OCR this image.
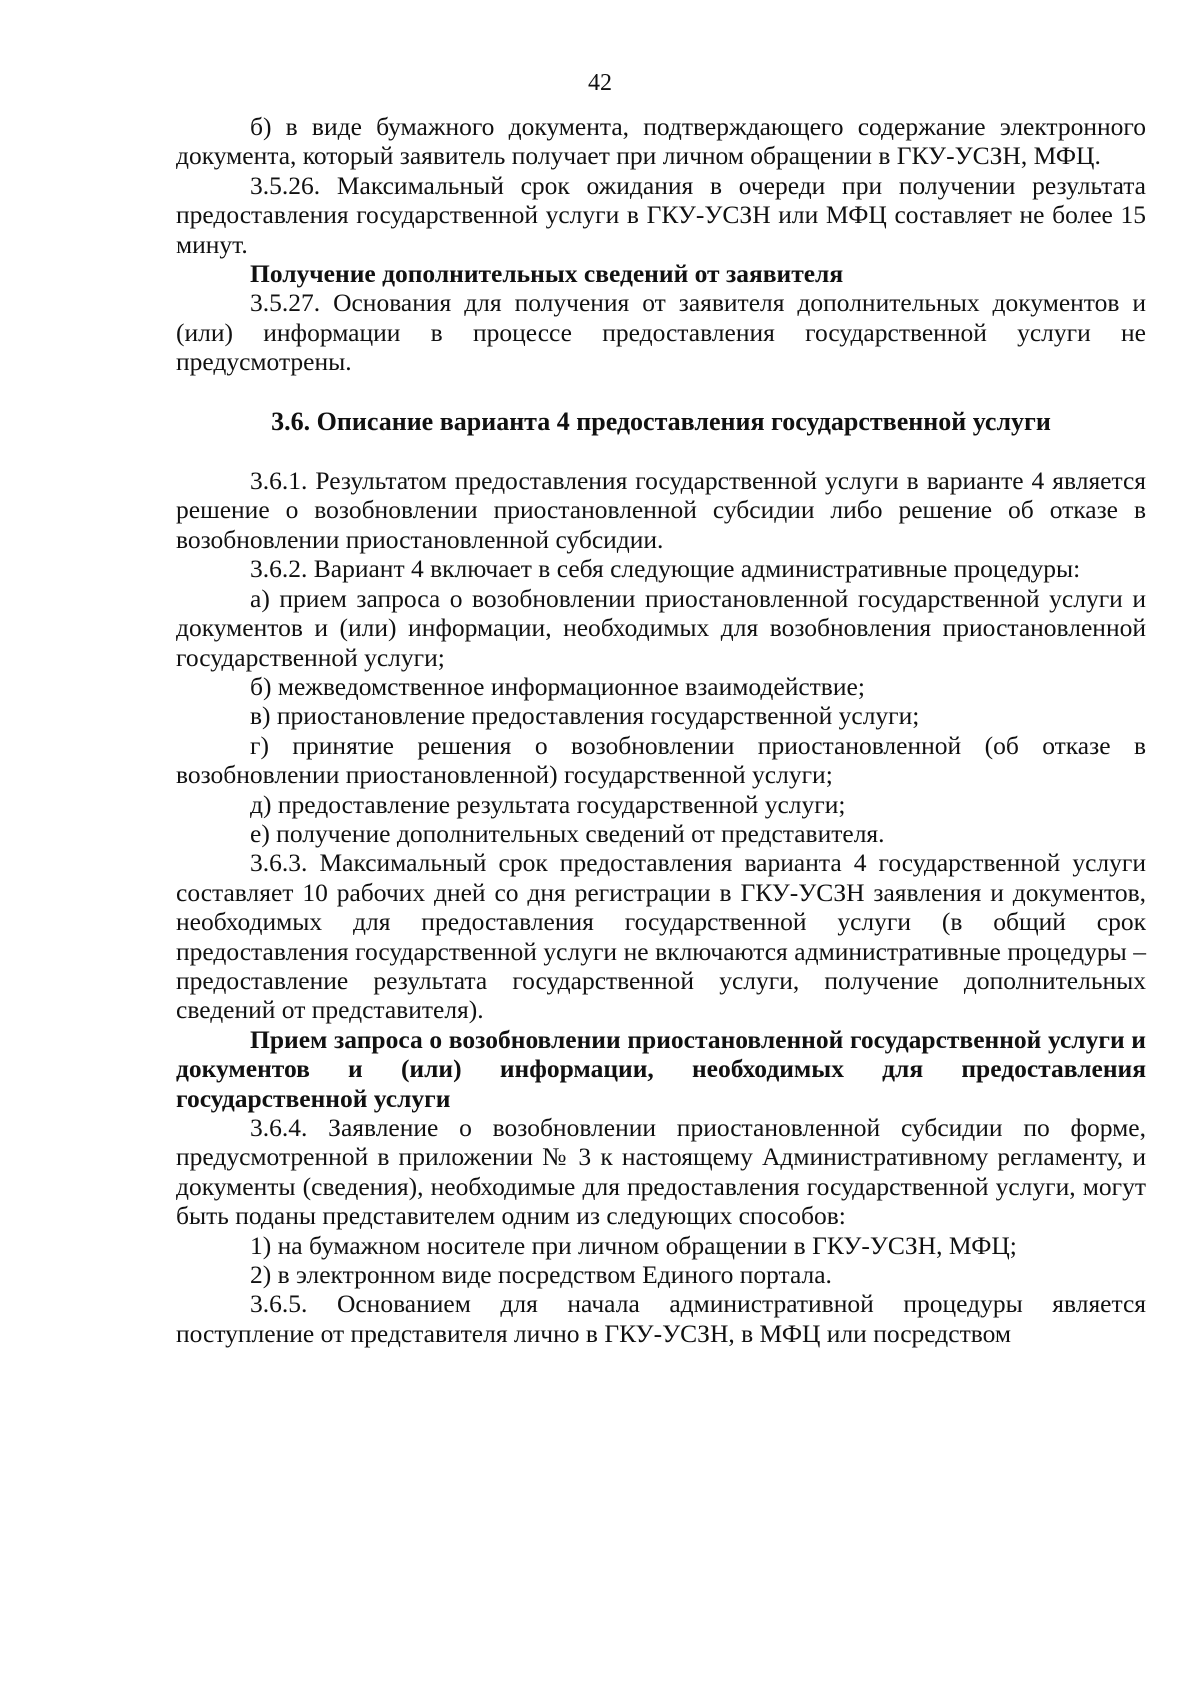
42

б) в виде бумажного документа, подтверждающего содержание электронного документа, который заявитель получает при личном обращении в ГКУ-УСЗН, МФЦ.

3.5.26. Максимальный срок ожидания в очереди при получении результата предоставления государственной услуги в ГКУ-УСЗН или МФЦ составляет не более 15 минут.

Получение дополнительных сведений от заявителя

3.5.27. Основания для получения от заявителя дополнительных документов и (или) информации в процессе предоставления государственной услуги не предусмотрены.

3.6. Описание варианта 4 предоставления государственной услуги

3.6.1. Результатом предоставления государственной услуги в варианте 4 является решение о возобновлении приостановленной субсидии либо решение об отказе в возобновлении приостановленной субсидии.

3.6.2. Вариант 4 включает в себя следующие административные процедуры:

а) прием запроса о возобновлении приостановленной государственной услуги и документов и (или) информации, необходимых для возобновления приостановленной государственной услуги;

б) межведомственное информационное взаимодействие;

в) приостановление предоставления государственной услуги;

г) принятие решения о возобновлении приостановленной (об отказе в возобновлении приостановленной) государственной услуги;

д) предоставление результата государственной услуги;

е) получение дополнительных сведений от представителя.

3.6.3. Максимальный срок предоставления варианта 4 государственной услуги составляет 10 рабочих дней со дня регистрации в ГКУ-УСЗН заявления и документов, необходимых для предоставления государственной услуги (в общий срок предоставления государственной услуги не включаются административные процедуры – предоставление результата государственной услуги, получение дополнительных сведений от представителя).

Прием запроса о возобновлении приостановленной государственной услуги и документов и (или) информации, необходимых для предоставления государственной услуги

3.6.4. Заявление о возобновлении приостановленной субсидии по форме, предусмотренной в приложении № 3 к настоящему Административному регламенту, и документы (сведения), необходимые для предоставления государственной услуги, могут быть поданы представителем одним из следующих способов:

1) на бумажном носителе при личном обращении в ГКУ-УСЗН, МФЦ;

2) в электронном виде посредством Единого портала.

3.6.5. Основанием для начала административной процедуры является поступление от представителя лично в ГКУ-УСЗН, в МФЦ или посредством
